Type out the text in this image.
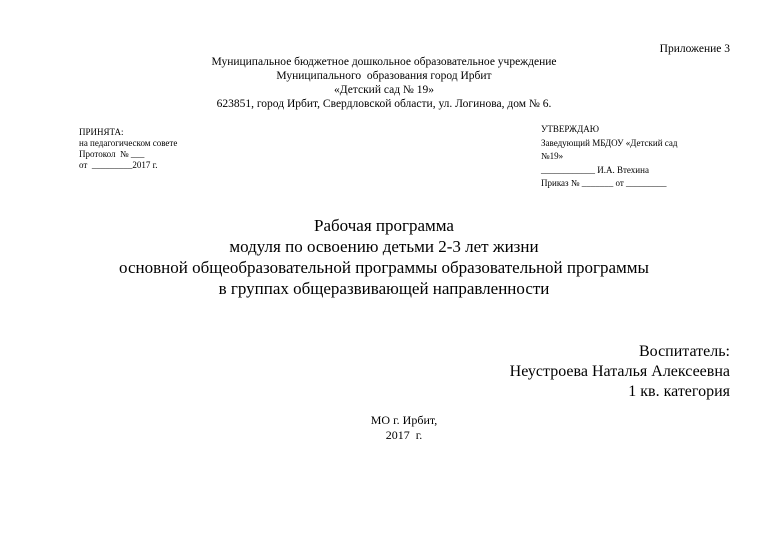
Приложение 3
Муниципальное бюджетное дошкольное образовательное учреждение
Муниципального  образования город Ирбит
«Детский сад № 19»
623851, город Ирбит, Свердловской области, ул. Логинова, дом № 6.
ПРИНЯТА:
на педагогическом совете
Протокол  № ___
от  _________2017 г.
УТВЕРЖДАЮ
Заведующий МБДОУ «Детский сад
№19»
____________ И.А. Втехина
Приказ № _______ от _________
Рабочая программа
модуля по освоению детьми 2-3 лет жизни
основной общеобразовательной программы образовательной программы
в группах общеразвивающей направленности
Воспитатель:
Неустроева Наталья Алексеевна
1 кв. категория
МО г. Ирбит,
2017  г.
